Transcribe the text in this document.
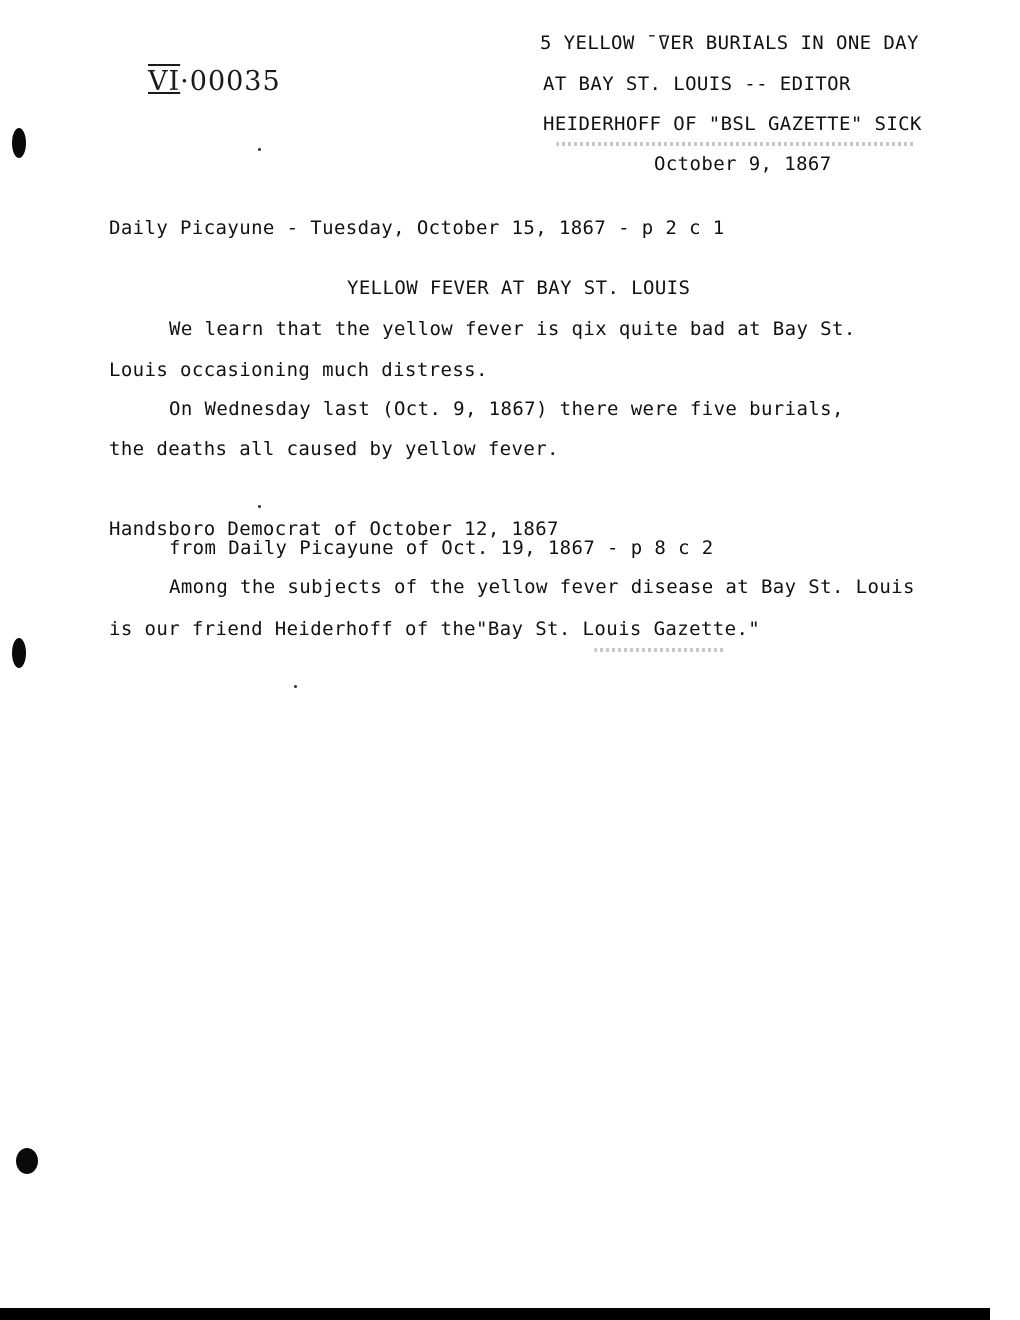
VI·00035
5 YELLOW ̄ ̄VER BURIALS IN ONE DAY
AT BAY ST. LOUIS -- EDITOR
HEIDERHOFF OF "BSL GAZETTE" SICK
October 9, 1867
Daily Picayune - Tuesday, October 15, 1867 - p 2 c 1
YELLOW FEVER AT BAY ST. LOUIS
We learn that the yellow fever is qix quite bad at Bay St.
Louis occasioning much distress.
On Wednesday last (Oct. 9, 1867) there were five burials,
the deaths all caused by yellow fever.
Handsboro Democrat of October 12, 1867
from Daily Picayune of Oct. 19, 1867 - p 8 c 2
Among the subjects of the yellow fever disease at Bay St. Louis
is our friend Heiderhoff of the"Bay St. Louis Gazette."
